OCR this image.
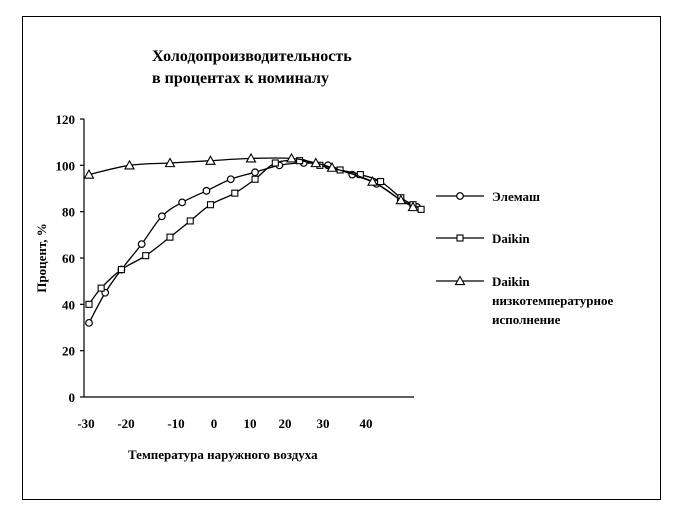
Холодопроизводительность
в процентах к номиналу
0
20
40
60
80
100
120
-30 -20	-10 0 10 20 30 40
Температура наружного воздуха
Процент, %
Элемаш
Daikin
Daikin
низкотемпературное
исполнение
